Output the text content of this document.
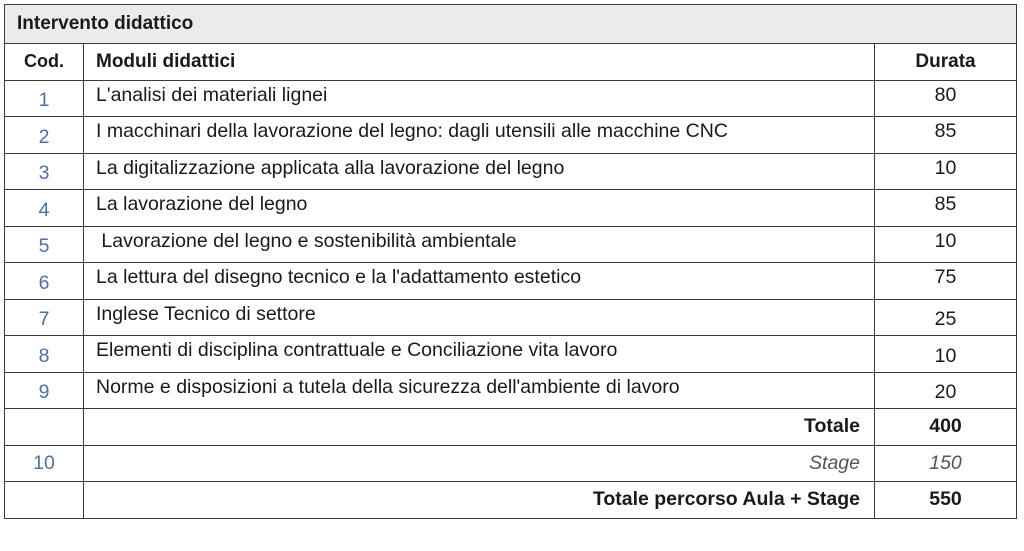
Intervento didattico		
Cod.	Moduli didattici	Durata
1	L'analisi dei materiali lignei	80
2	I macchinari della lavorazione del legno: dagli utensili alle macchine CNC	85
3	La digitalizzazione applicata alla lavorazione del legno	10
4	La lavorazione del legno	85
5	Lavorazione del legno e sostenibilità ambientale	10
6	La lettura del disegno tecnico e la l'adattamento estetico	75
7	Inglese Tecnico di settore	25
8	Elementi di disciplina contrattuale e Conciliazione vita lavoro	10
9	Norme e disposizioni a tutela della sicurezza dell'ambiente di lavoro	20
	Totale	400
10	Stage	150
	Totale percorso Aula + Stage	550
